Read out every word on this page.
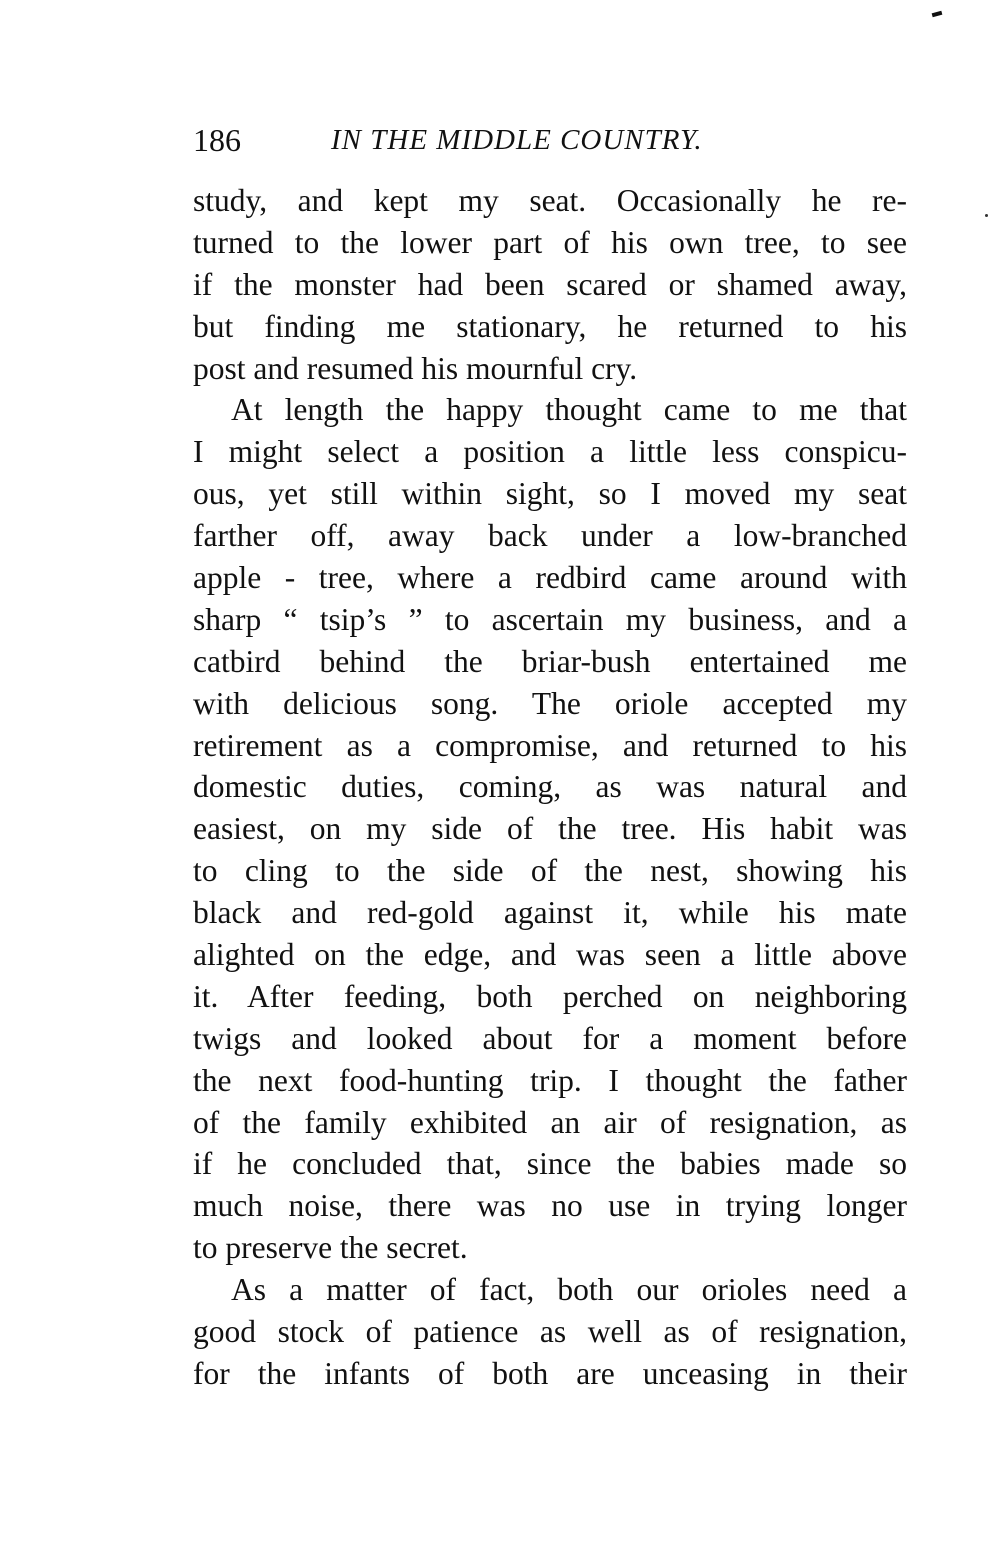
186	IN THE MIDDLE COUNTRY.
study, and kept my seat. Occasionally he re-
turned to the lower part of his own tree, to see
if the monster had been scared or shamed away,
but finding me stationary, he returned to his
post and resumed his mournful cry.
At length the happy thought came to me that
I might select a position a little less conspicu-
ous, yet still within sight, so I moved my seat
farther off, away back under a low-branched
apple - tree, where a redbird came around with
sharp “ tsip’s ” to ascertain my business, and a
catbird behind the briar-bush entertained me
with delicious song. The oriole accepted my
retirement as a compromise, and returned to his
domestic duties, coming, as was natural and
easiest, on my side of the tree. His habit was
to cling to the side of the nest, showing his
black and red-gold against it, while his mate
alighted on the edge, and was seen a little above
it. After feeding, both perched on neighboring
twigs and looked about for a moment before
the next food-hunting trip. I thought the father
of the family exhibited an air of resignation, as
if he concluded that, since the babies made so
much noise, there was no use in trying longer
to preserve the secret.
As a matter of fact, both our orioles need a
good stock of patience as well as of resignation,
for the infants of both are unceasing in their
